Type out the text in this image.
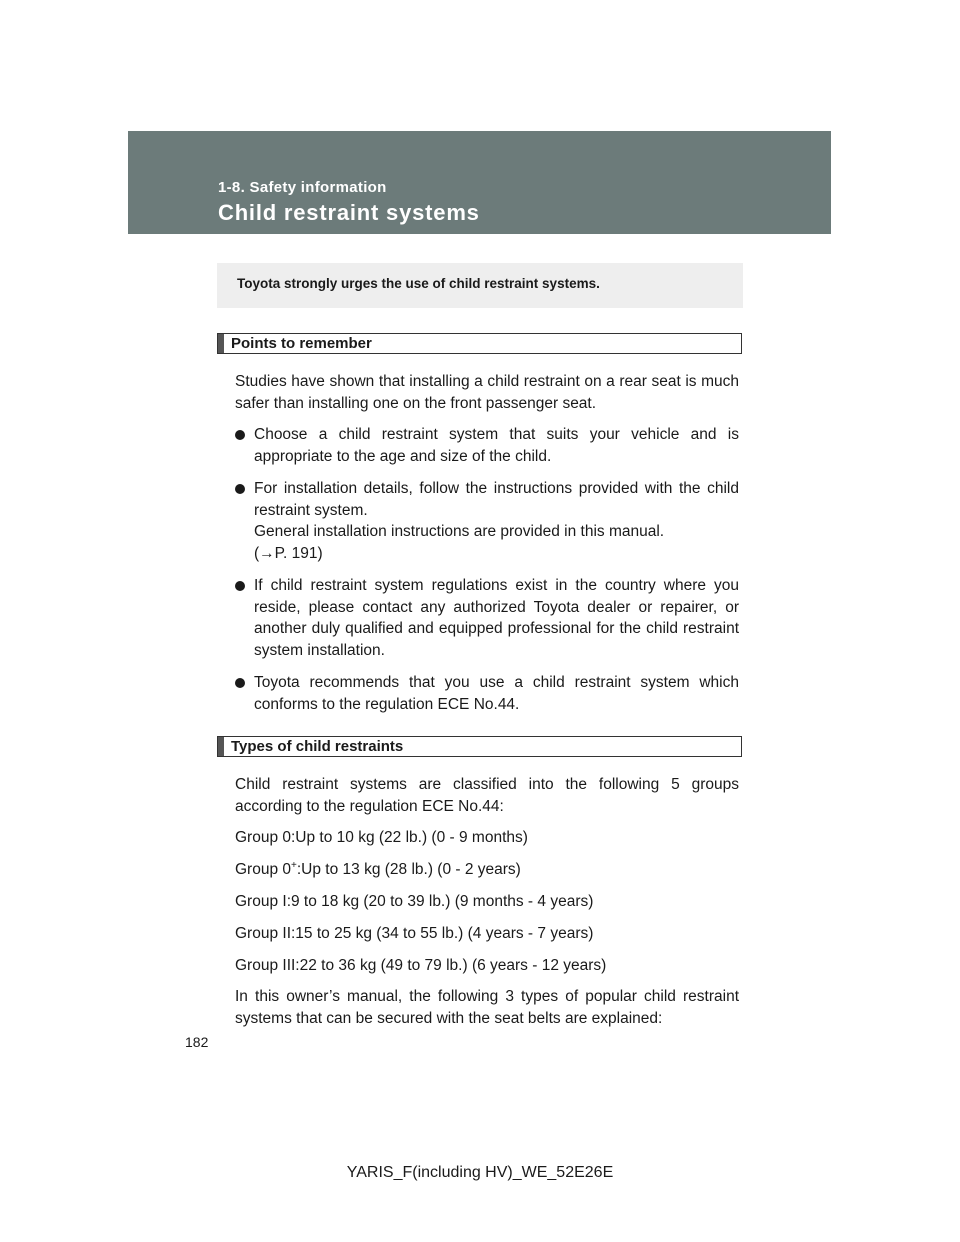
1-8. Safety information
Child restraint systems
Toyota strongly urges the use of child restraint systems.
Points to remember

Studies have shown that installing a child restraint on a rear seat is much safer than installing one on the front passenger seat.

Choose a child restraint system that suits your vehicle and is appropriate to the age and size of the child.
For installation details, follow the instructions provided with the child restraint system.
General installation instructions are provided in this manual.
(→P. 191)
If child restraint system regulations exist in the country where you reside, please contact any authorized Toyota dealer or repairer, or another duly qualified and equipped professional for the child restraint system installation.
Toyota recommends that you use a child restraint system which conforms to the regulation ECE No.44.
Types of child restraints

Child restraint systems are classified into the following 5 groups according to the regulation ECE No.44:

Group 0:Up to 10 kg (22 lb.) (0 - 9 months)
Group 0+:Up to 13 kg (28 lb.) (0 - 2 years)
Group I:9 to 18 kg (20 to 39 lb.) (9 months - 4 years)
Group II:15 to 25 kg (34 to 55 lb.) (4 years - 7 years)
Group III:22 to 36 kg (49 to 79 lb.) (6 years - 12 years)

In this owner’s manual, the following 3 types of popular child restraint systems that can be secured with the seat belts are explained:

182
YARIS_F(including HV)_WE_52E26E
